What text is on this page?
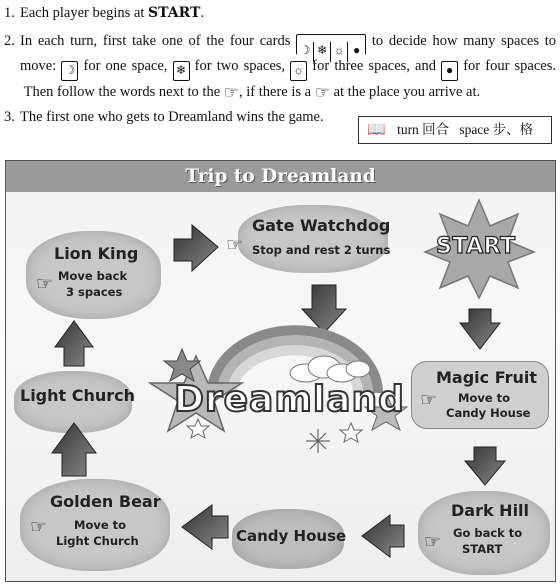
1. Each player begins at START.
2. In each turn, first take one of the four cards ☽ ❄ ☼ ● to decide how many spaces to move: ☽ for one space, ❄ for two spaces, ☼ for three spaces, and ● for four spaces.  Then follow the words next to the ☞, if there is a ☞ at the place you arrive at.
3. The first one who gets to Dreamland wins the game.
📖 turn 回合 space 步、格
Trip to Dreamland
START
Gate Watchdog
☞ Stop and rest 2 turns
Lion King
☞ Move back
3 spaces
Light Church
Golden Bear
☞ Move to
Light Church	Candy House
Magic Fruit
☞ Move to
Candy House
Dark Hill
☞ Go back to
START
Dreamland
